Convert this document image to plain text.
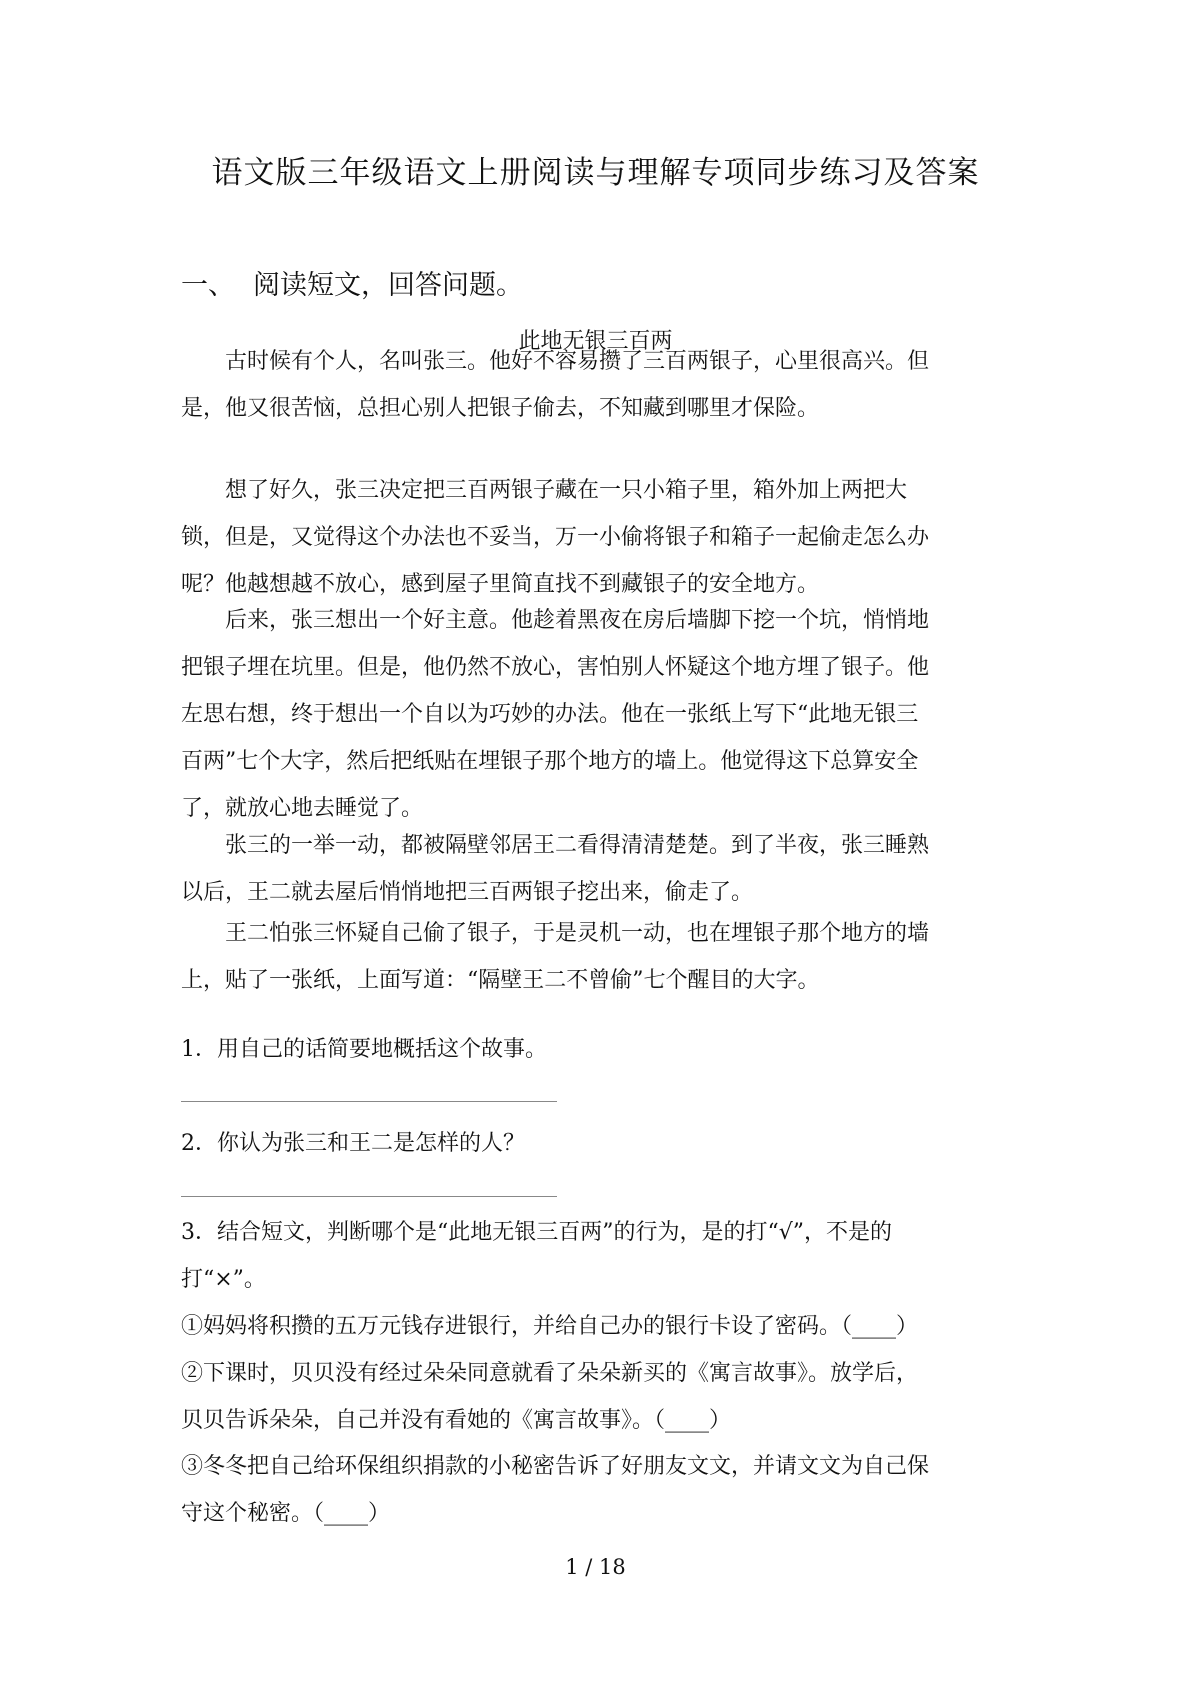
语文版三年级语文上册阅读与理解专项同步练习及答案
一、 阅读短文，回答问题。
此地无银三百两
古时候有个人，名叫张三。他好不容易攒了三百两银子，心里很高兴。但
是，他又很苦恼，总担心别人把银子偷去，不知藏到哪里才保险。
想了好久，张三决定把三百两银子藏在一只小箱子里，箱外加上两把大
锁，但是，又觉得这个办法也不妥当，万一小偷将银子和箱子一起偷走怎么办
呢？他越想越不放心，感到屋子里简直找不到藏银子的安全地方。
后来，张三想出一个好主意。他趁着黑夜在房后墙脚下挖一个坑，悄悄地
把银子埋在坑里。但是，他仍然不放心，害怕别人怀疑这个地方埋了银子。他
左思右想，终于想出一个自以为巧妙的办法。他在一张纸上写下“此地无银三
百两”七个大字，然后把纸贴在埋银子那个地方的墙上。他觉得这下总算安全
了，就放心地去睡觉了。
张三的一举一动，都被隔壁邻居王二看得清清楚楚。到了半夜，张三睡熟
以后，王二就去屋后悄悄地把三百两银子挖出来，偷走了。
王二怕张三怀疑自己偷了银子，于是灵机一动，也在埋银子那个地方的墙
上，贴了一张纸，上面写道：“隔壁王二不曾偷”七个醒目的大字。
1．用自己的话简要地概括这个故事。
2．你认为张三和王二是怎样的人？
3．结合短文，判断哪个是“此地无银三百两”的行为，是的打“√”，不是的
打“×”。
①妈妈将积攒的五万元钱存进银行，并给自己办的银行卡设了密码。（____）
②下课时，贝贝没有经过朵朵同意就看了朵朵新买的《寓言故事》。放学后，
贝贝告诉朵朵，自己并没有看她的《寓言故事》。（____）
③冬冬把自己给环保组织捐款的小秘密告诉了好朋友文文，并请文文为自己保
守这个秘密。（____）
1 / 18
